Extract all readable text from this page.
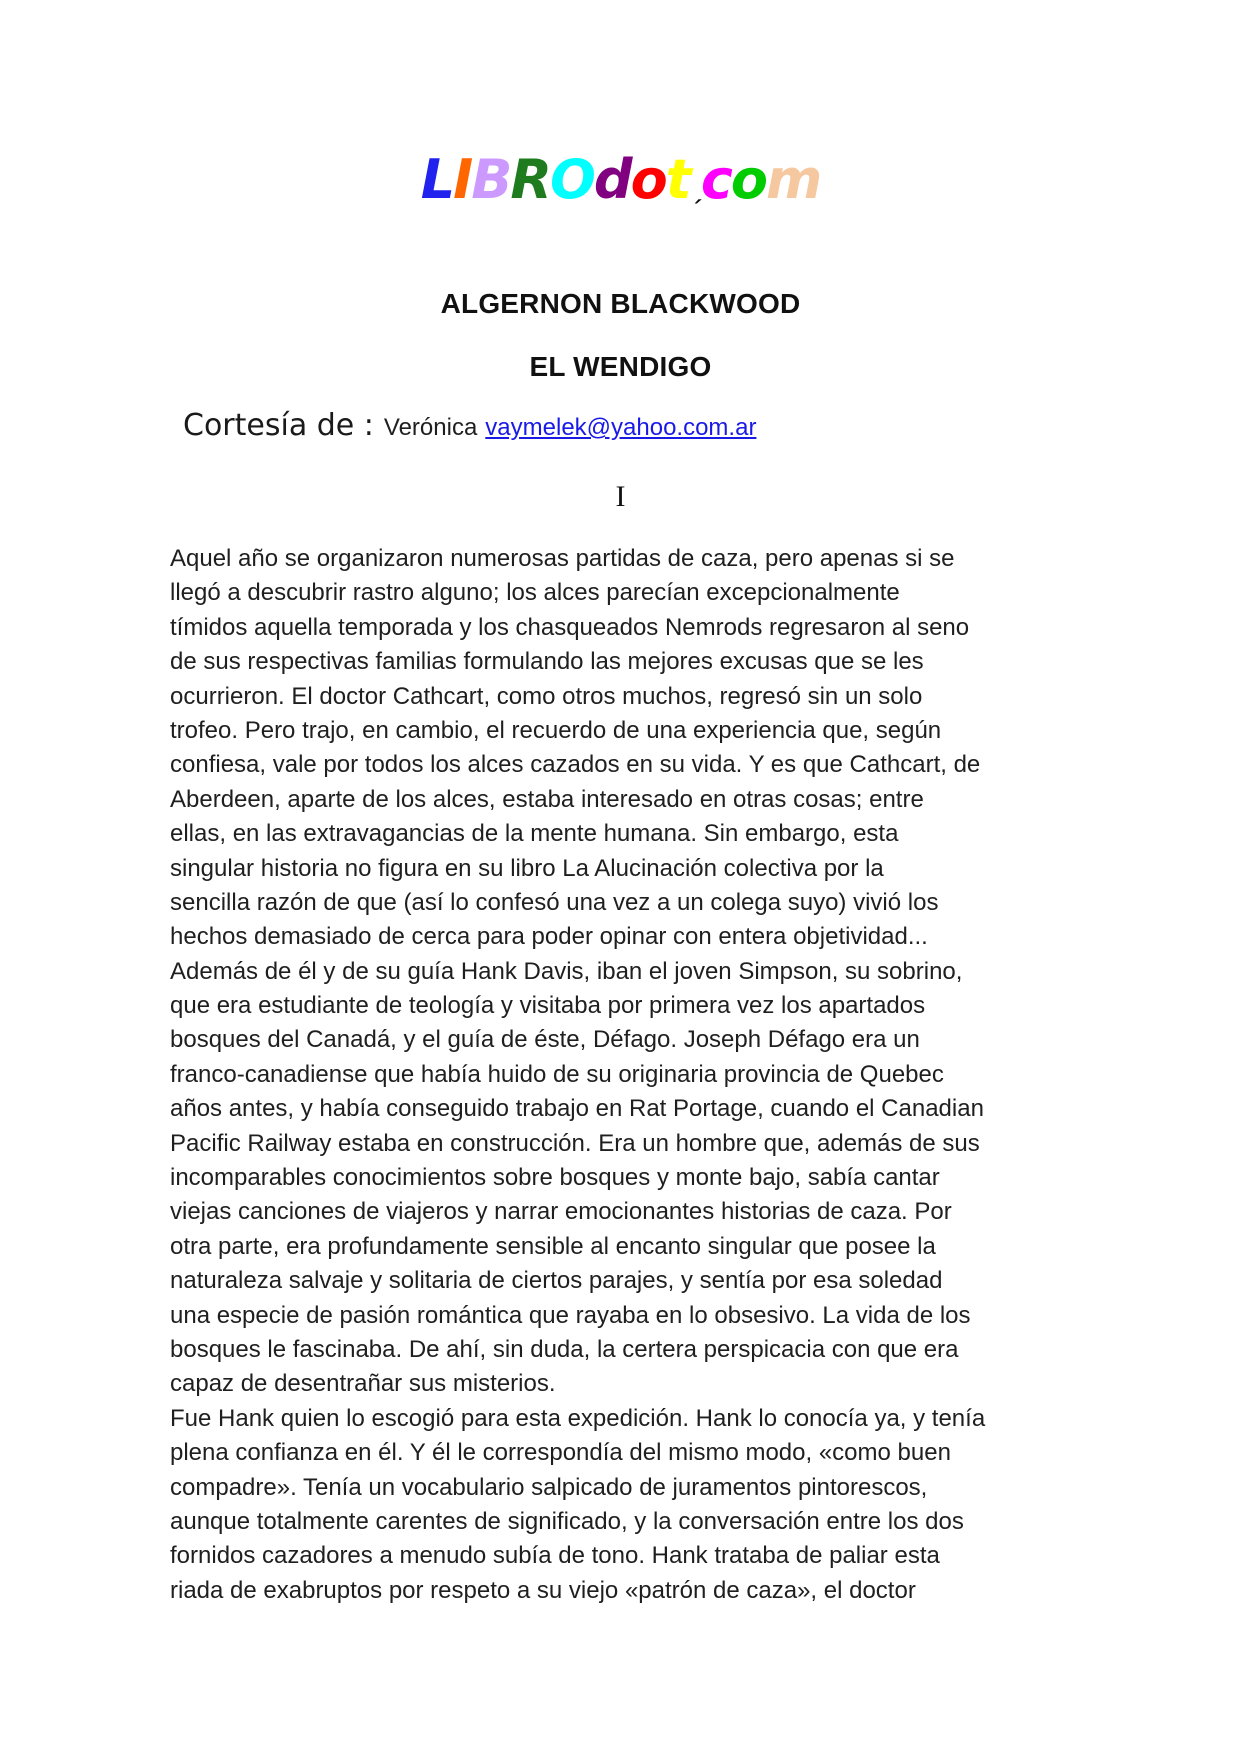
LIBROdotˏcom
ALGERNON BLACKWOOD
EL WENDIGO
Cortesía de : Verónica vaymelek@yahoo.com.ar
I
Aquel año se organizaron numerosas partidas de caza, pero apenas si se
llegó a descubrir rastro alguno; los alces parecían excepcionalmente
tímidos aquella temporada y los chasqueados Nemrods regresaron al seno
de sus respectivas familias formulando las mejores excusas que se les
ocurrieron. El doctor Cathcart, como otros muchos, regresó sin un solo
trofeo. Pero trajo, en cambio, el recuerdo de una experiencia que, según
confiesa, vale por todos los alces cazados en su vida. Y es que Cathcart, de
Aberdeen, aparte de los alces, estaba interesado en otras cosas; entre
ellas, en las extravagancias de la mente humana. Sin embargo, esta
singular historia no figura en su libro La Alucinación colectiva por la
sencilla razón de que (así lo confesó una vez a un colega suyo) vivió los
hechos demasiado de cerca para poder opinar con entera objetividad...
Además de él y de su guía Hank Davis, iban el joven Simpson, su sobrino,
que era estudiante de teología y visitaba por primera vez los apartados
bosques del Canadá, y el guía de éste, Défago. Joseph Défago era un
franco-canadiense que había huido de su originaria provincia de Quebec
años antes, y había conseguido trabajo en Rat Portage, cuando el Canadian
Pacific Railway estaba en construcción. Era un hombre que, además de sus
incomparables conocimientos sobre bosques y monte bajo, sabía cantar
viejas canciones de viajeros y narrar emocionantes historias de caza. Por
otra parte, era profundamente sensible al encanto singular que posee la
naturaleza salvaje y solitaria de ciertos parajes, y sentía por esa soledad
una especie de pasión romántica que rayaba en lo obsesivo. La vida de los
bosques le fascinaba. De ahí, sin duda, la certera perspicacia con que era
capaz de desentrañar sus misterios.
Fue Hank quien lo escogió para esta expedición. Hank lo conocía ya, y tenía
plena confianza en él. Y él le correspondía del mismo modo, «como buen
compadre». Tenía un vocabulario salpicado de juramentos pintorescos,
aunque totalmente carentes de significado, y la conversación entre los dos
fornidos cazadores a menudo subía de tono. Hank trataba de paliar esta
riada de exabruptos por respeto a su viejo «patrón de caza», el doctor
